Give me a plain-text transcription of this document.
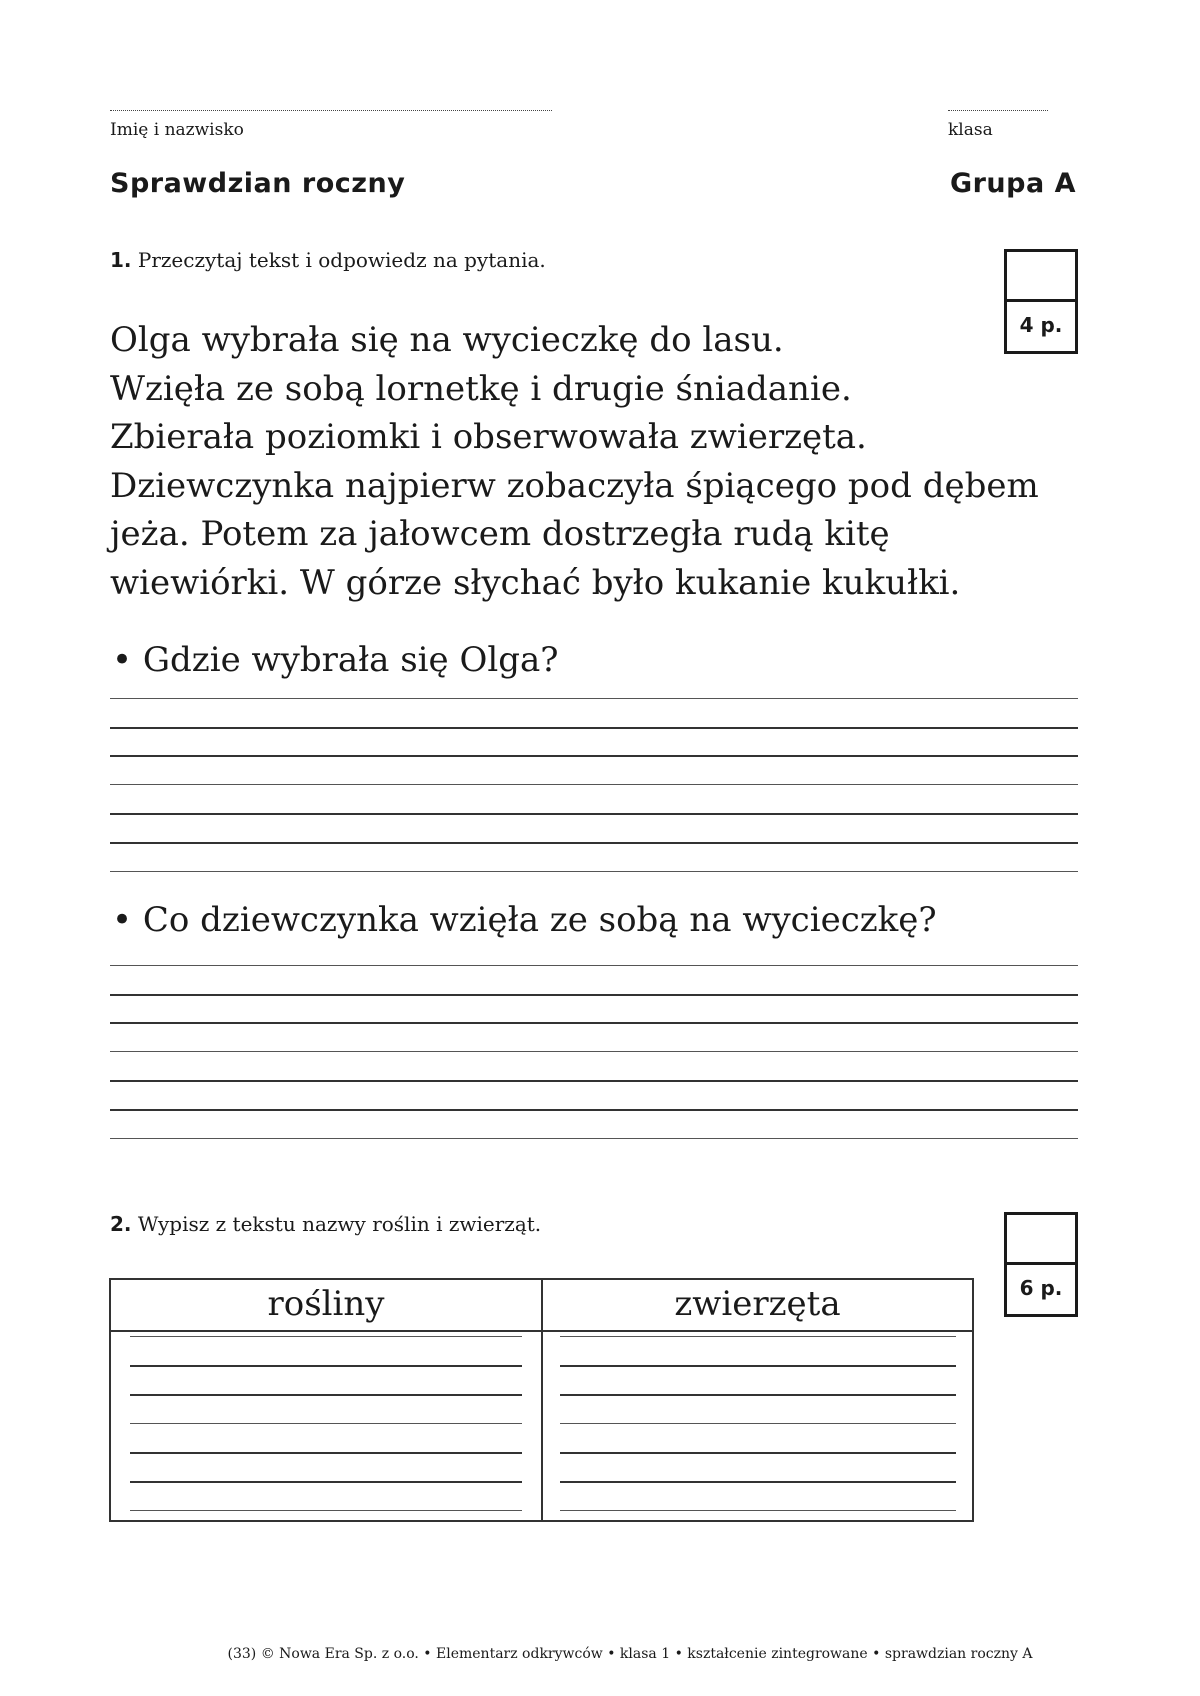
Imię i nazwisko	klasa
Sprawdzian roczny	Grupa A
1. Przeczytaj tekst i odpowiedz na pytania.
4 p.
Olga wybrała się na wycieczkę do lasu.
Wzięła ze sobą lornetkę i drugie śniadanie.
Zbierała poziomki i obserwowała zwierzęta.
Dziewczynka najpierw zobaczyła śpiącego pod dębem
jeża. Potem za jałowcem dostrzegła rudą kitę
wiewiórki. W górze słychać było kukanie kukułki.
• Gdzie wybrała się Olga?
• Co dziewczynka wzięła ze sobą na wycieczkę?
2. Wypisz z tekstu nazwy roślin i zwierząt.
6 p.
rośliny	zwierzęta
(33) © Nowa Era Sp. z o.o. • Elementarz odkrywców • klasa 1 • kształcenie zintegrowane • sprawdzian roczny A
